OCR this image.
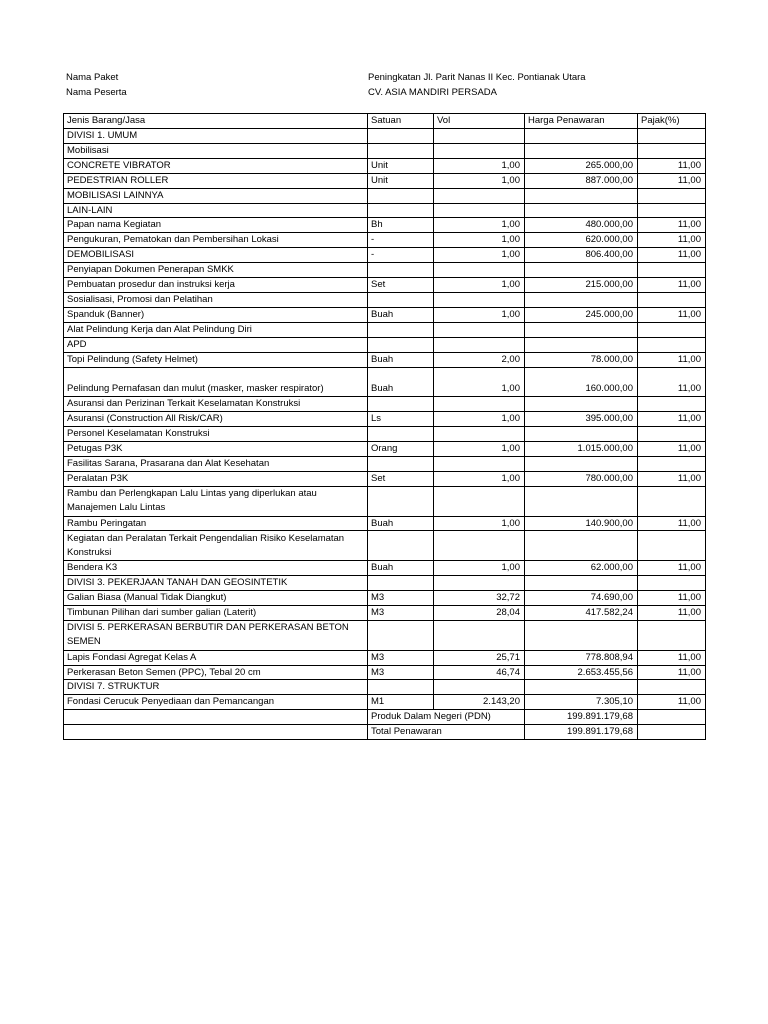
Nama Paket	Peningkatan Jl. Parit Nanas II Kec. Pontianak Utara
Nama Peserta	CV. ASIA MANDIRI PERSADA
Jenis Barang/Jasa	Satuan	Vol	Harga Penawaran	Pajak(%)
DIVISI 1. UMUM				
Mobilisasi				
CONCRETE VIBRATOR	Unit	1,00	265.000,00	11,00
PEDESTRIAN ROLLER	Unit	1,00	887.000,00	11,00
MOBILISASI LAINNYA				
LAIN-LAIN				
Papan nama Kegiatan	Bh	1,00	480.000,00	11,00
Pengukuran, Pematokan dan Pembersihan Lokasi	-	1,00	620.000,00	11,00
DEMOBILISASI	-	1,00	806.400,00	11,00
Penyiapan Dokumen Penerapan SMKK				
Pembuatan prosedur dan instruksi kerja	Set	1,00	215.000,00	11,00
Sosialisasi, Promosi dan Pelatihan				
Spanduk (Banner)	Buah	1,00	245.000,00	11,00
Alat Pelindung Kerja dan Alat Pelindung Diri				
APD				
Topi Pelindung (Safety Helmet)	Buah	2,00	78.000,00	11,00
Pelindung Pernafasan dan mulut (masker, masker respirator)	Buah	1,00	160.000,00	11,00
Asuransi dan Perizinan Terkait Keselamatan Konstruksi				
Asuransi (Construction All Risk/CAR)	Ls	1,00	395.000,00	11,00
Personel Keselamatan Konstruksi				
Petugas P3K	Orang	1,00	1.015.000,00	11,00
Fasilitas Sarana, Prasarana dan Alat Kesehatan				
Peralatan P3K	Set	1,00	780.000,00	11,00
Rambu dan Perlengkapan Lalu Lintas yang diperlukan atau Manajemen Lalu Lintas				
Rambu Peringatan	Buah	1,00	140.900,00	11,00
Kegiatan dan Peralatan Terkait Pengendalian Risiko Keselamatan Konstruksi				
Bendera K3	Buah	1,00	62.000,00	11,00
DIVISI 3. PEKERJAAN TANAH DAN GEOSINTETIK				
Galian Biasa (Manual Tidak Diangkut)	M3	32,72	74.690,00	11,00
Timbunan Pilihan dari sumber galian (Laterit)	M3	28,04	417.582,24	11,00
DIVISI 5. PERKERASAN BERBUTIR DAN PERKERASAN BETON SEMEN				
Lapis Fondasi Agregat Kelas A	M3	25,71	778.808,94	11,00
Perkerasan Beton Semen (PPC), Tebal 20 cm	M3	46,74	2.653.455,56	11,00
DIVISI 7. STRUKTUR				
Fondasi Cerucuk Penyediaan dan Pemancangan	M1	2.143,20	7.305,10	11,00
	Produk Dalam Negeri (PDN)		199.891.179,68	
	Total Penawaran		199.891.179,68	
